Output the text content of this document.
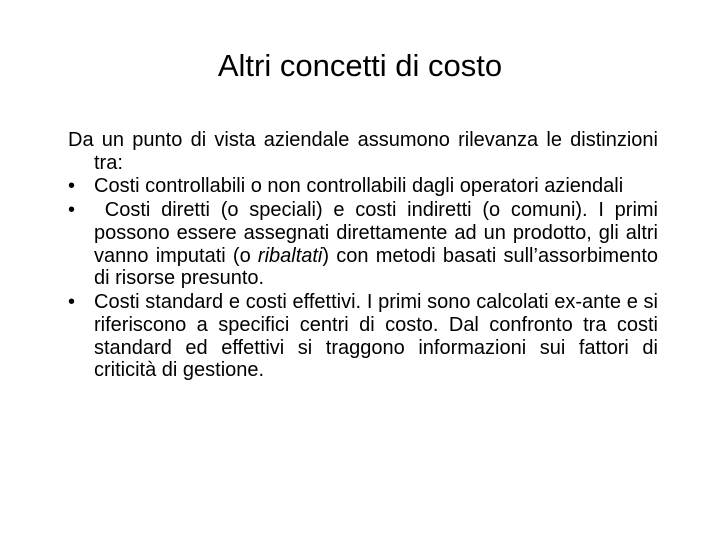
Altri concetti di costo

Da un punto di vista aziendale assumono rilevanza le distinzioni tra:

• Costi controllabili o non controllabili dagli operatori aziendali
•	Costi diretti (o speciali) e costi indiretti (o comuni). I primi possono essere assegnati direttamente ad un prodotto, gli altri vanno imputati (o ribaltati) con metodi basati sull’assorbimento di risorse presunto.
• Costi standard e costi effettivi. I primi sono calcolati ex-ante e si riferiscono a specifici centri di costo. Dal confronto tra costi standard ed effettivi si traggono informazioni sui fattori di criticità di gestione.
